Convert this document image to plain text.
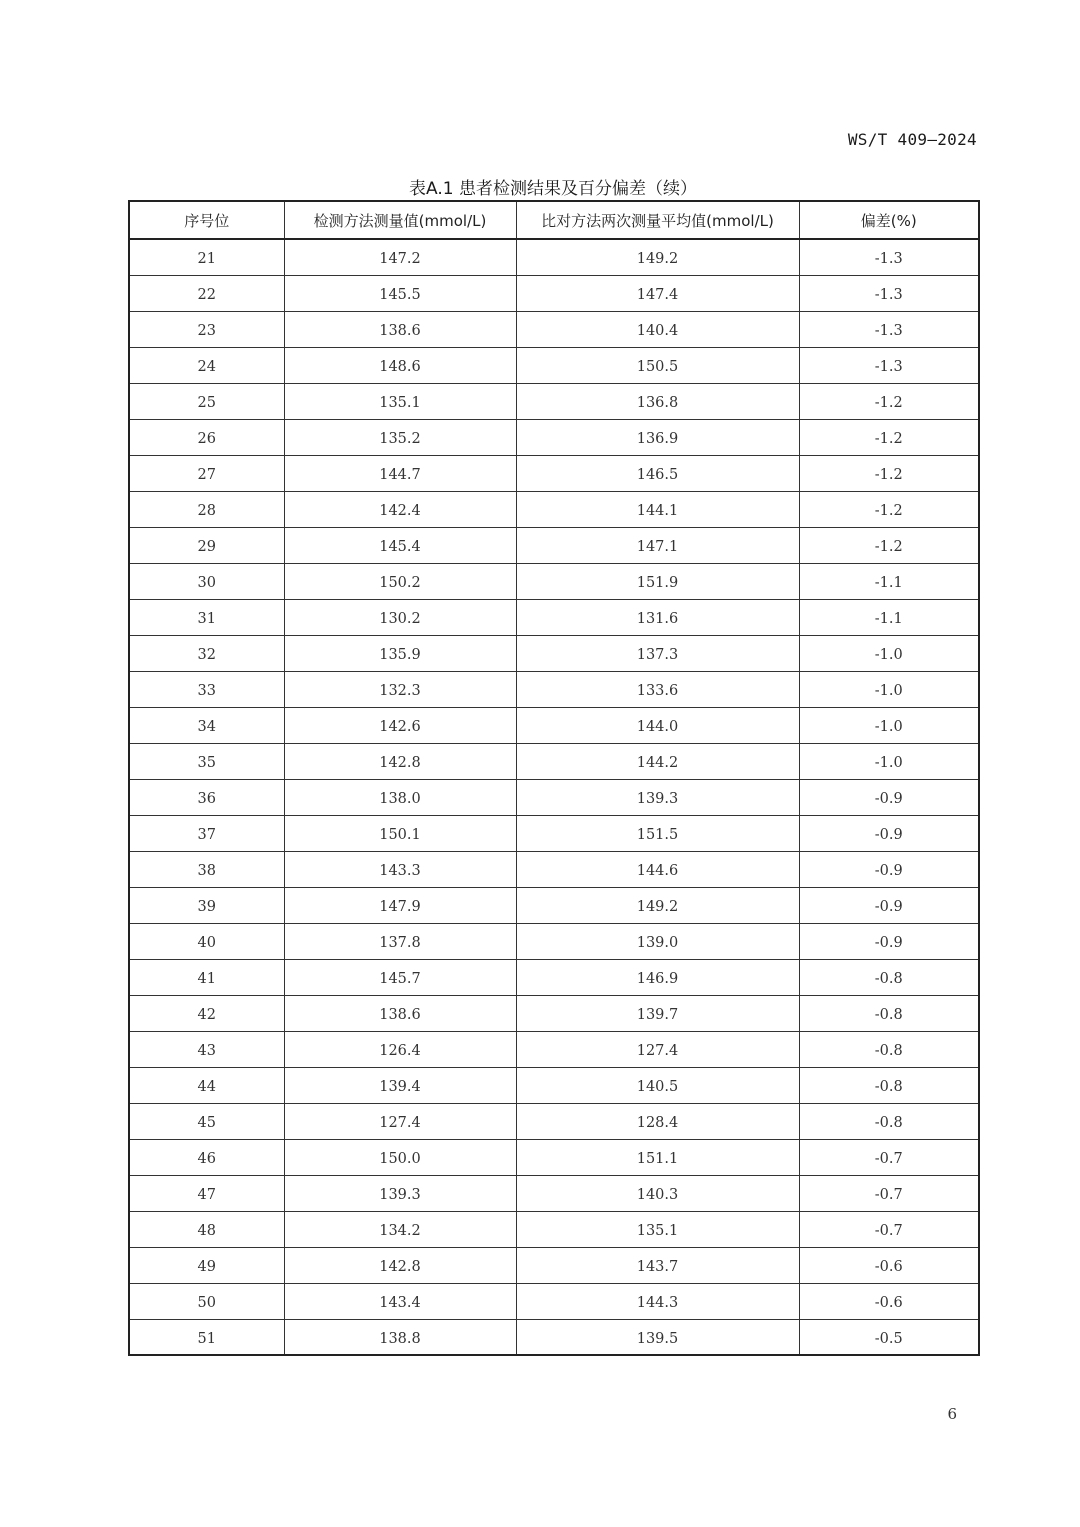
WS/T 409—2024
表A.1 患者检测结果及百分偏差（续）
序号位	检测方法测量值(mmol/L)	比对方法两次测量平均值(mmol/L)	偏差(%)
21	147.2	149.2	-1.3
22	145.5	147.4	-1.3
23	138.6	140.4	-1.3
24	148.6	150.5	-1.3
25	135.1	136.8	-1.2
26	135.2	136.9	-1.2
27	144.7	146.5	-1.2
28	142.4	144.1	-1.2
29	145.4	147.1	-1.2
30	150.2	151.9	-1.1
31	130.2	131.6	-1.1
32	135.9	137.3	-1.0
33	132.3	133.6	-1.0
34	142.6	144.0	-1.0
35	142.8	144.2	-1.0
36	138.0	139.3	-0.9
37	150.1	151.5	-0.9
38	143.3	144.6	-0.9
39	147.9	149.2	-0.9
40	137.8	139.0	-0.9
41	145.7	146.9	-0.8
42	138.6	139.7	-0.8
43	126.4	127.4	-0.8
44	139.4	140.5	-0.8
45	127.4	128.4	-0.8
46	150.0	151.1	-0.7
47	139.3	140.3	-0.7
48	134.2	135.1	-0.7
49	142.8	143.7	-0.6
50	143.4	144.3	-0.6
51	138.8	139.5	-0.5
6
